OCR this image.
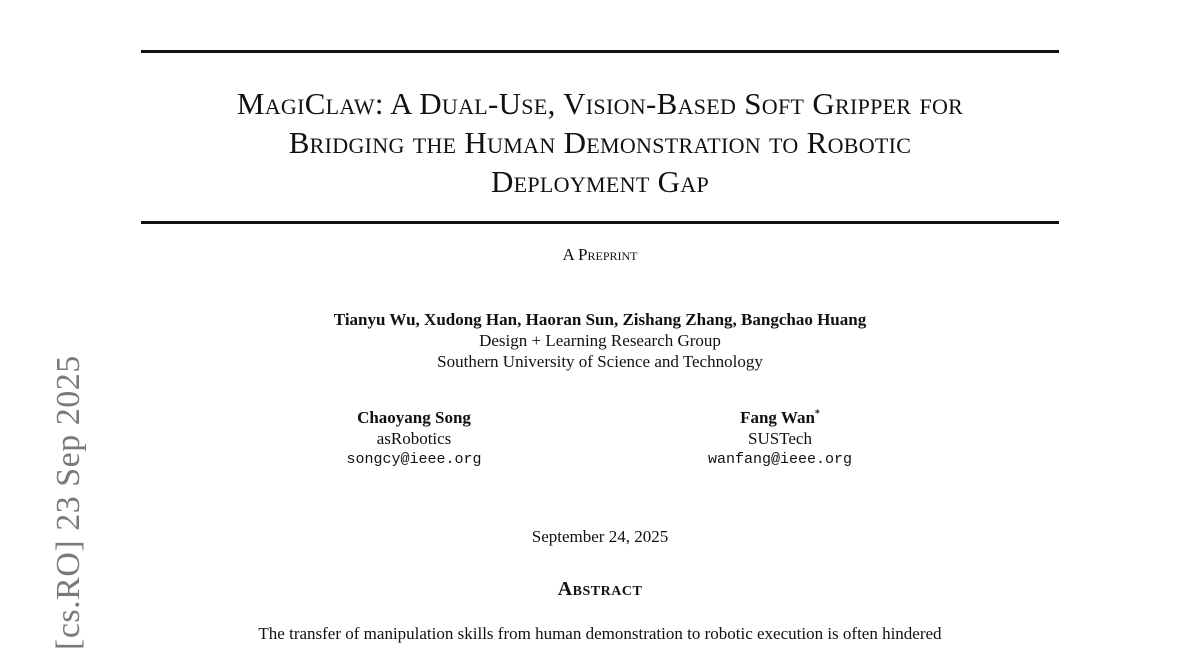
MagiClaw: A Dual-Use, Vision-Based Soft Gripper for
Bridging the Human Demonstration to Robotic
Deployment Gap
A Preprint
Tianyu Wu, Xudong Han, Haoran Sun, Zishang Zhang, Bangchao Huang
Design + Learning Research Group
Southern University of Science and Technology
Chaoyang Song
asRobotics
songcy@ieee.org
Fang Wan*
SUSTech
wanfang@ieee.org
September 24, 2025
Abstract
The transfer of manipulation skills from human demonstration to robotic execution is often hindered
[cs.RO] 23 Sep 2025
